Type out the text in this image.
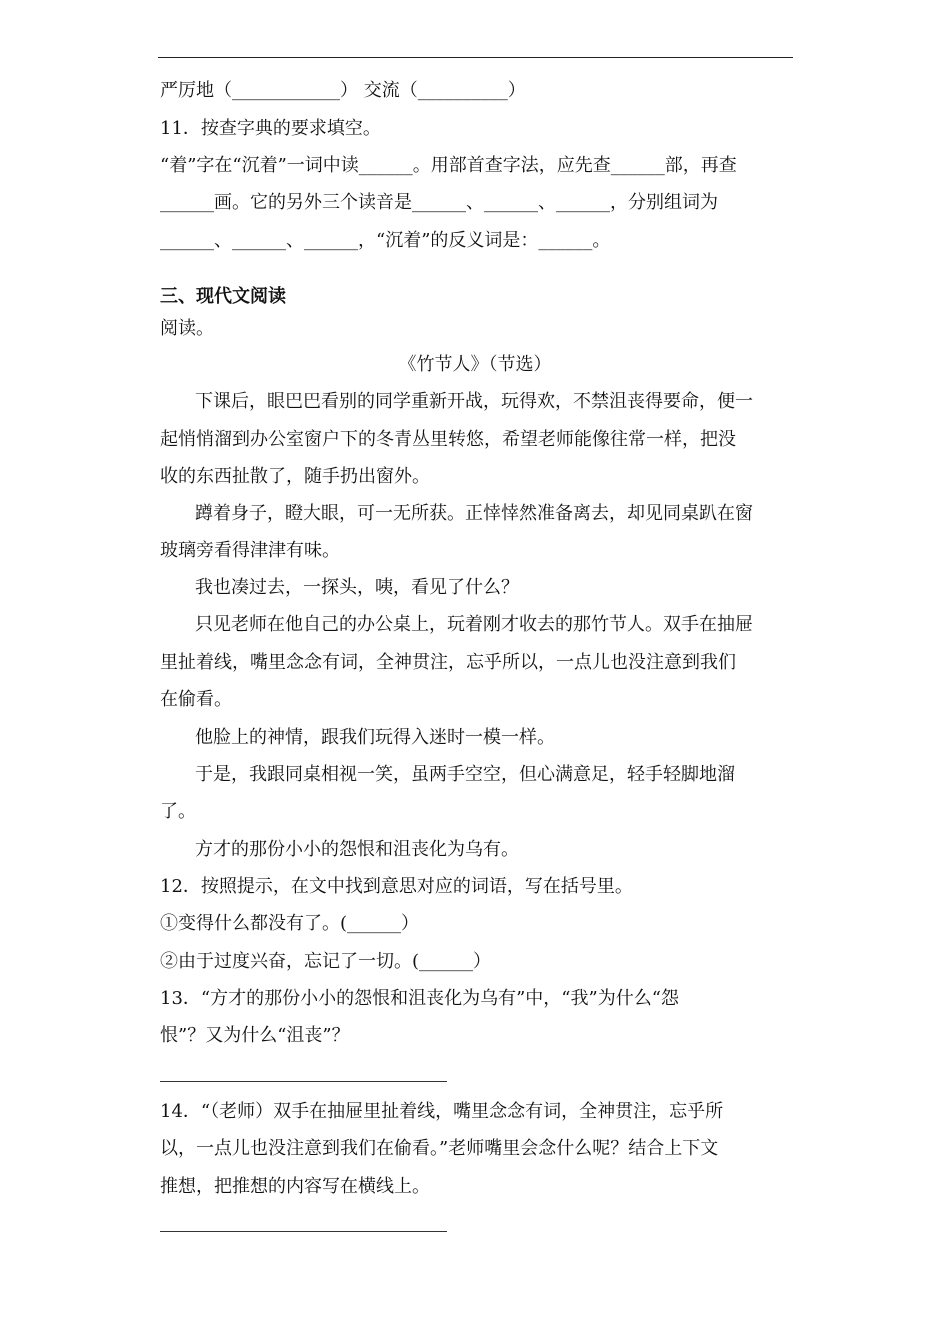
严厉地（____________） 交流（__________）
11．按查字典的要求填空。
“着”字在“沉着”一词中读______。用部首查字法，应先查______部，再查
______画。它的另外三个读音是______、______、______，分别组词为
______、______、______，“沉着”的反义词是：______。
三、现代文阅读
阅读。
《竹节人》（节选）
下课后，眼巴巴看别的同学重新开战，玩得欢，不禁沮丧得要命，便一
起悄悄溜到办公室窗户下的冬青丛里转悠，希望老师能像往常一样，把没
收的东西扯散了，随手扔出窗外。
蹲着身子，瞪大眼，可一无所获。正悻悻然准备离去，却见同桌趴在窗
玻璃旁看得津津有味。
我也凑过去，一探头，咦，看见了什么？
只见老师在他自己的办公桌上，玩着刚才收去的那竹节人。双手在抽屉
里扯着线，嘴里念念有词，全神贯注，忘乎所以，一点儿也没注意到我们
在偷看。
他脸上的神情，跟我们玩得入迷时一模一样。
于是，我跟同桌相视一笑，虽两手空空，但心满意足，轻手轻脚地溜
了。
方才的那份小小的怨恨和沮丧化为乌有。
12．按照提示，在文中找到意思对应的词语，写在括号里。
①变得什么都没有了。(______）
②由于过度兴奋，忘记了一切。(______）
13．“方才的那份小小的怨恨和沮丧化为乌有”中，“我”为什么“怨
恨”？又为什么“沮丧”？
14．“（老师）双手在抽屉里扯着线，嘴里念念有词，全神贯注，忘乎所
以，一点儿也没注意到我们在偷看。”老师嘴里会念什么呢？结合上下文
推想，把推想的内容写在横线上。
